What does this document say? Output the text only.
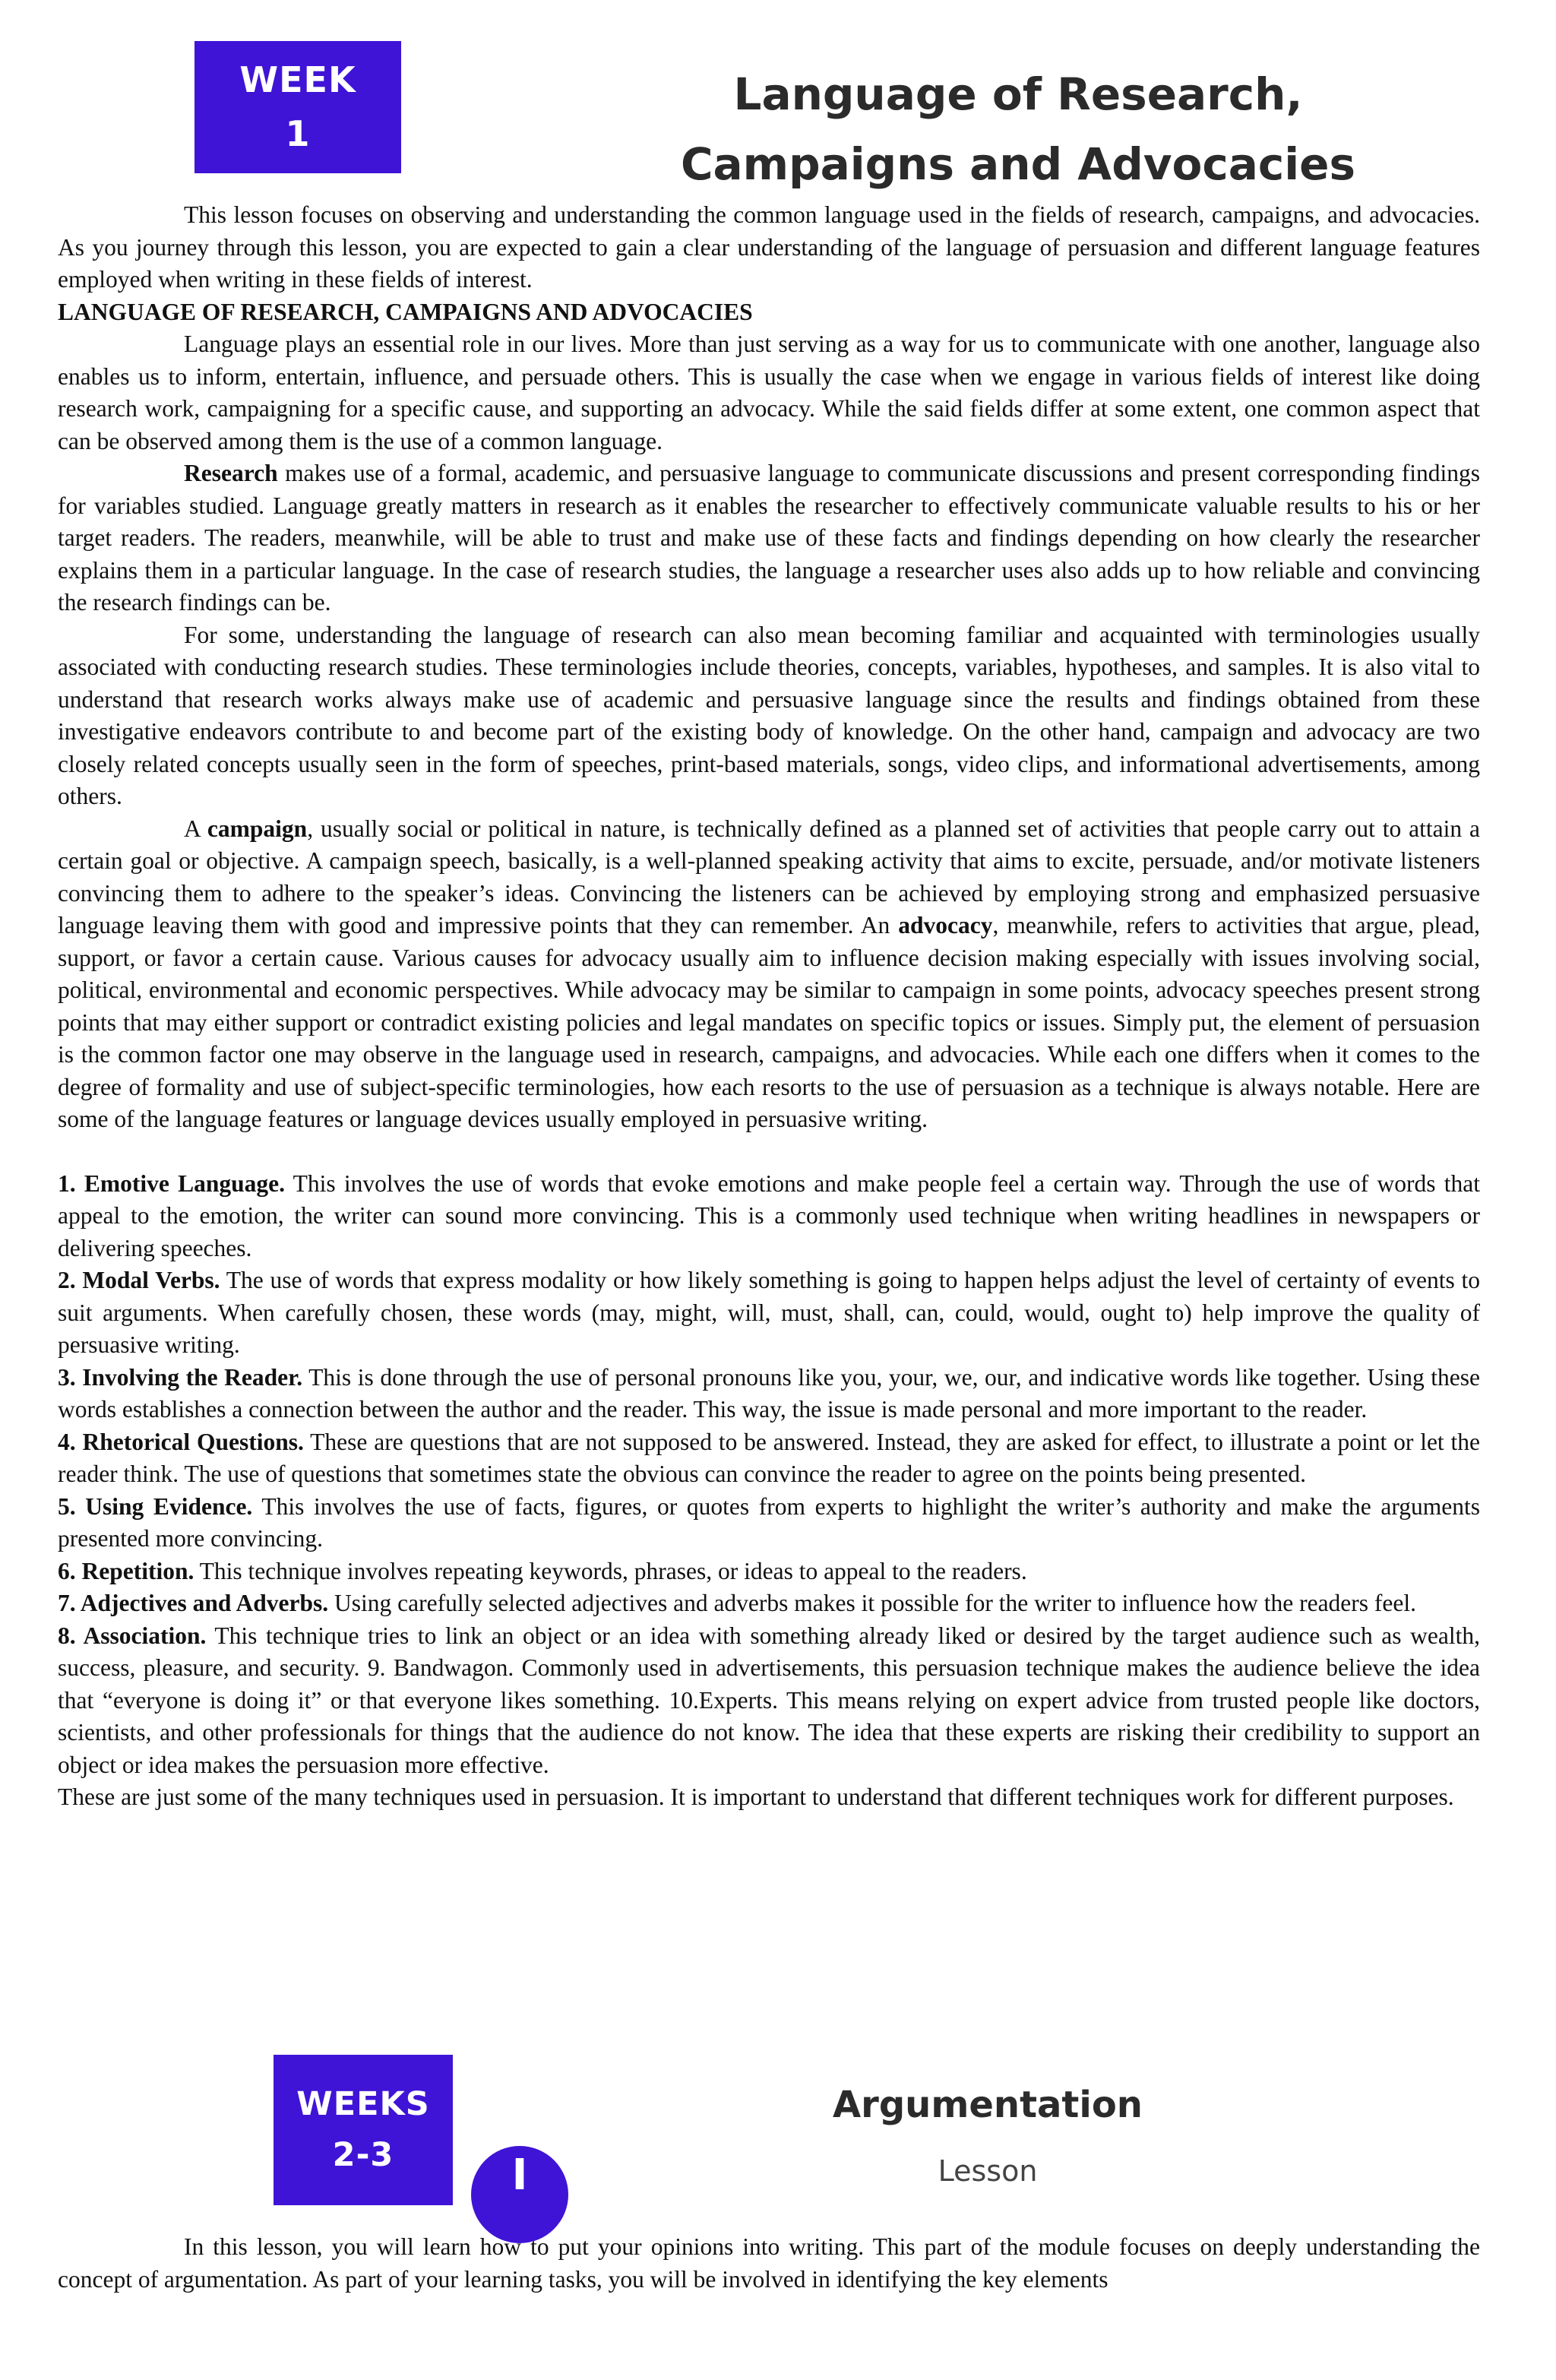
WEEK
1
Language of Research,
Campaigns and Advocacies

This lesson focuses on observing and understanding the common language used in the fields of research, campaigns, and advocacies. As you journey through this lesson, you are expected to gain a clear understanding of the language of persuasion and different language features employed when writing in these fields of interest.

LANGUAGE OF RESEARCH, CAMPAIGNS AND ADVOCACIES

Language plays an essential role in our lives. More than just serving as a way for us to communicate with one another, language also enables us to inform, entertain, influence, and persuade others. This is usually the case when we engage in various fields of interest like doing research work, campaigning for a specific cause, and supporting an advocacy. While the said fields differ at some extent, one common aspect that can be observed among them is the use of a common language.

Research makes use of a formal, academic, and persuasive language to communicate discussions and present corresponding findings for variables studied. Language greatly matters in research as it enables the researcher to effectively communicate valuable results to his or her target readers. The readers, meanwhile, will be able to trust and make use of these facts and findings depending on how clearly the researcher explains them in a particular language. In the case of research studies, the language a researcher uses also adds up to how reliable and convincing the research findings can be.

For some, understanding the language of research can also mean becoming familiar and acquainted with terminologies usually associated with conducting research studies. These terminologies include theories, concepts, variables, hypotheses, and samples. It is also vital to understand that research works always make use of academic and persuasive language since the results and findings obtained from these investigative endeavors contribute to and become part of the existing body of knowledge. On the other hand, campaign and advocacy are two closely related concepts usually seen in the form of speeches, print-based materials, songs, video clips, and informational advertisements, among others.

A campaign, usually social or political in nature, is technically defined as a planned set of activities that people carry out to attain a certain goal or objective. A campaign speech, basically, is a well-planned speaking activity that aims to excite, persuade, and/or motivate listeners convincing them to adhere to the speaker’s ideas. Convincing the listeners can be achieved by employing strong and emphasized persuasive language leaving them with good and impressive points that they can remember. An advocacy, meanwhile, refers to activities that argue, plead, support, or favor a certain cause. Various causes for advocacy usually aim to influence decision making especially with issues involving social, political, environmental and economic perspectives. While advocacy may be similar to campaign in some points, advocacy speeches present strong points that may either support or contradict existing policies and legal mandates on specific topics or issues. Simply put, the element of persuasion is the common factor one may observe in the language used in research, campaigns, and advocacies. While each one differs when it comes to the degree of formality and use of subject-specific terminologies, how each resorts to the use of persuasion as a technique is always notable. Here are some of the language features or language devices usually employed in persuasive writing.

1. Emotive Language. This involves the use of words that evoke emotions and make people feel a certain way. Through the use of words that appeal to the emotion, the writer can sound more convincing. This is a commonly used technique when writing headlines in newspapers or delivering speeches.

2. Modal Verbs. The use of words that express modality or how likely something is going to happen helps adjust the level of certainty of events to suit arguments. When carefully chosen, these words (may, might, will, must, shall, can, could, would, ought to) help improve the quality of persuasive writing.

3. Involving the Reader. This is done through the use of personal pronouns like you, your, we, our, and indicative words like together. Using these words establishes a connection between the author and the reader. This way, the issue is made personal and more important to the reader.

4. Rhetorical Questions. These are questions that are not supposed to be answered. Instead, they are asked for effect, to illustrate a point or let the reader think. The use of questions that sometimes state the obvious can convince the reader to agree on the points being presented.

5. Using Evidence. This involves the use of facts, figures, or quotes from experts to highlight the writer’s authority and make the arguments presented more convincing.

6. Repetition. This technique involves repeating keywords, phrases, or ideas to appeal to the readers.

7. Adjectives and Adverbs. Using carefully selected adjectives and adverbs makes it possible for the writer to influence how the readers feel.

8. Association. This technique tries to link an object or an idea with something already liked or desired by the target audience such as wealth, success, pleasure, and security. 9. Bandwagon. Commonly used in advertisements, this persuasion technique makes the audience believe the idea that “everyone is doing it” or that everyone likes something. 10.Experts. This means relying on expert advice from trusted people like doctors, scientists, and other professionals for things that the audience do not know. The idea that these experts are risking their credibility to support an object or idea makes the persuasion more effective.

These are just some of the many techniques used in persuasion. It is important to understand that different techniques work for different purposes.

WEEKS
2-3	I
Argumentation
Lesson

In this lesson, you will learn how to put your opinions into writing. This part of the module focuses on deeply understanding the concept of argumentation. As part of your learning tasks, you will be involved in identifying the key elements
